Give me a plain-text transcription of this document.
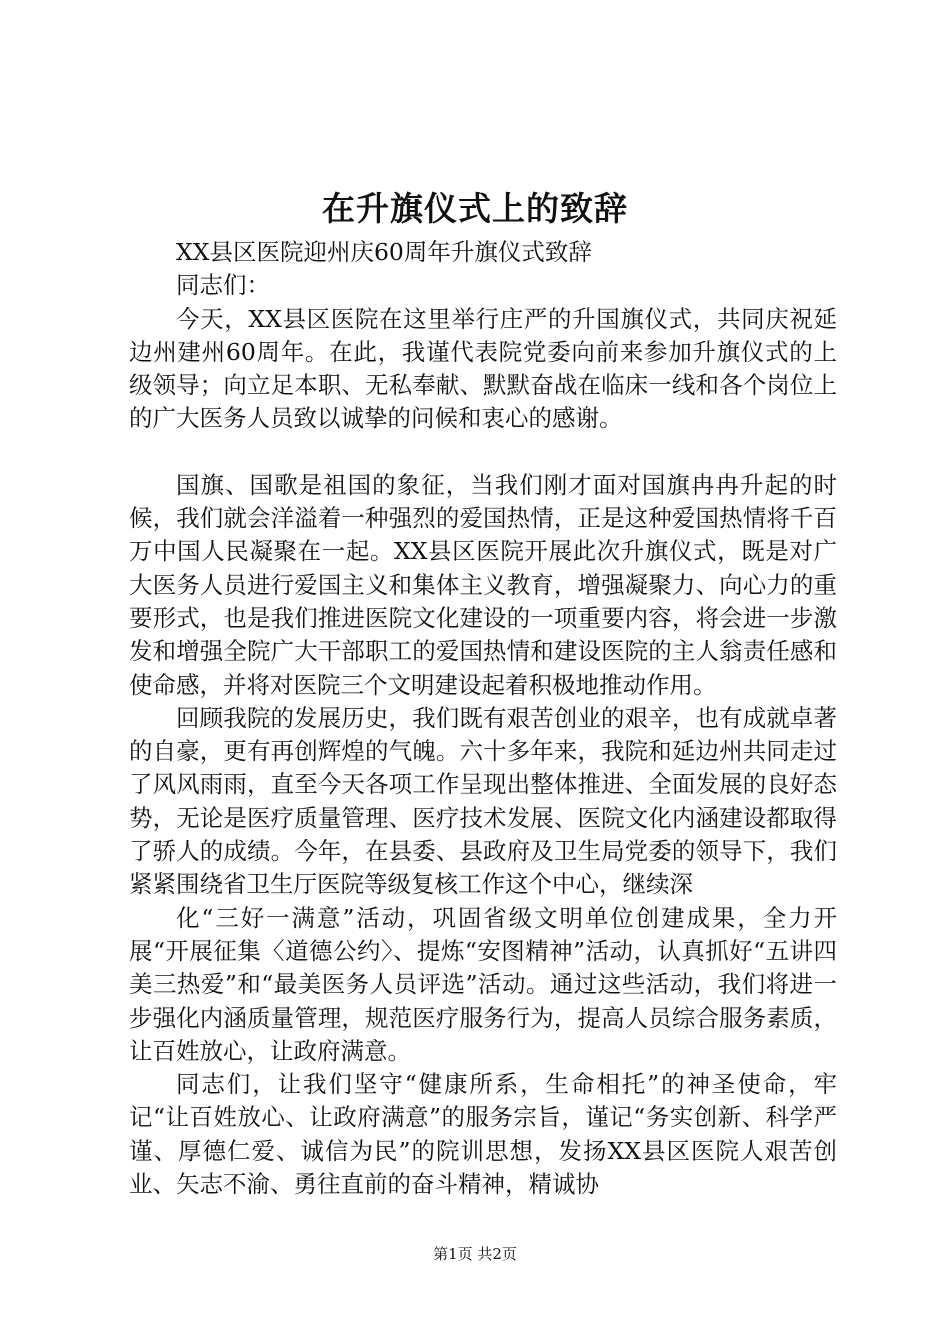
在升旗仪式上的致辞

XX县区医院迎州庆60周年升旗仪式致辞

同志们：

今天，XX县区医院在这里举行庄严的升国旗仪式，共同庆祝延边州建州60周年。在此，我谨代表院党委向前来参加升旗仪式的上级领导；向立足本职、无私奉献、默默奋战在临床一线和各个岗位上的广大医务人员致以诚挚的问候和衷心的感谢。

国旗、国歌是祖国的象征，当我们刚才面对国旗冉冉升起的时候，我们就会洋溢着一种强烈的爱国热情，正是这种爱国热情将千百万中国人民凝聚在一起。XX县区医院开展此次升旗仪式，既是对广大医务人员进行爱国主义和集体主义教育，增强凝聚力、向心力的重要形式，也是我们推进医院文化建设的一项重要内容，将会进一步激发和增强全院广大干部职工的爱国热情和建设医院的主人翁责任感和使命感，并将对医院三个文明建设起着积极地推动作用。

回顾我院的发展历史，我们既有艰苦创业的艰辛，也有成就卓著的自豪，更有再创辉煌的气魄。六十多年来，我院和延边州共同走过了风风雨雨，直至今天各项工作呈现出整体推进、全面发展的良好态势，无论是医疗质量管理、医疗技术发展、医院文化内涵建设都取得了骄人的成绩。今年，在县委、县政府及卫生局党委的领导下，我们紧紧围绕省卫生厅医院等级复核工作这个中心，继续深

化“三好一满意”活动，巩固省级文明单位创建成果，全力开展“开展征集〈道德公约〉、提炼“安图精神”活动，认真抓好“五讲四美三热爱”和“最美医务人员评选”活动。通过这些活动，我们将进一步强化内涵质量管理，规范医疗服务行为，提高人员综合服务素质，让百姓放心，让政府满意。

同志们，让我们坚守“健康所系，生命相托”的神圣使命，牢记“让百姓放心、让政府满意”的服务宗旨，谨记“务实创新、科学严谨、厚德仁爱、诚信为民”的院训思想，发扬XX县区医院人艰苦创业、矢志不渝、勇往直前的奋斗精神，精诚协

第1页 共2页
